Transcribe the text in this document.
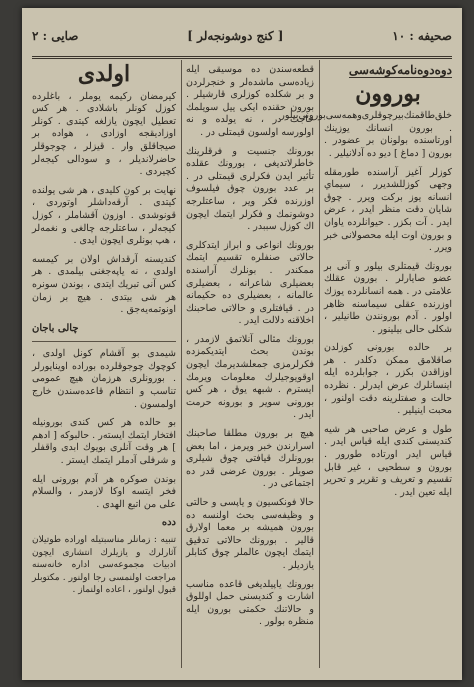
صحيفه : ١٠
[ كنج دوشونجه‌لر ]
صايى : ٢
دوه‌دوه‌نامه‌كوشه‌سى
بوروون

خلق‌طاقمنك‌بيرچوقلرى‌وهمه‌سى‌بورونى‌بيلور . بورون انسانك يوزينك اورتاسنده‌ بولونان بر عضودر . بورون [ دماغ ] ديو ده‌ آدلانيلير .

كوزلر آغيز آراسنده‌ طورمقله‌ وجهى كوزللشديرر ، سيماي انسانه يوز بركت ويرر . چوق شايان دقت منظر ايدر ، عرض ايدر . آت بكزر . حيوانلرده‌ ياوان و بورون اوت ايله‌ محصولانى خبر ويرر .

بورونك قيمتلرى بيلور و آنى بر عضو صايارلر . بورون عقلك علامتى در . همه انسانلرده‌ يوزك اوزرنده عقلى سيماسنه‌ ظاهر اولور . آدم بورونندن طانيلير ، شكلى حالى بيلينور .

بر حالده‌ بورونى كوزلدن صاقلامق ممكن دكلدر . هر اوزاقدن بكزر ، جوابلرده ايله اينسانلرك عرض ايدرلر . نظرده حالت و صفتلرينه دقت اولنور ، محبت اينيلير .

طول و عرض صاحبى هر شيه كنديسنى كندى ايله قياس ايدر . قياس ايدر اورتاده طورور . بورون و سطحيى ، غير قابل تقسيم و تعريف و تقرير و تحرير ايله تعين ايدر .

قطعه‌سندن ده موسيقى ايله زياده‌سى ماشده‌لر و خنجرلردن و بر شكلده كوزلرى قارشيلر . بورون حقنده‌ ايكى ييل سويلمك حاجت در ، نه‌ يولده‌ و نه‌ اولورسه اولسون قيمتلى در .

بورونك جنسيت و فرقلرينك خاطرلاتديغى ، بورونك عقلده‌ تأثير ايدن فكرلرى قيمتلى در . بر عدد بورون چوق فيلسوف اوزرنده‌ فكر وير ، ساعتلرجه‌ دوشونمك و فكرلر ايتمك ايچون اك كوزل سببدر .

بورونك انواعى و ابراز ايتدكلرى حالاتى صنفلره تقسيم ايتمك ممكندر . بونلرك آراسنده‌ بعضيلرى شاعرانه ، بعضيلرى عالمانه ، بعضيلرى ده حكيمانه‌ در . قيافتلرى و حالاتى صاحبنك اخلاقنه‌ دلالت ايدر .

بورونك مثالى آنلاتمق لازمدر ، بوندن بحث ايتديكمزده‌ فكرلرمزى جمعلشديرمك ايچون اوقويوجيلرك معلومات ويرمك ايسترم . شبهه‌ يوق ، هر كس بورونى سوير و بورونه حرمت ايدر .

هيچ بر بورون مطلقا صاحبنك اسرارندن خبر ويرمز ، اما بعض بورونلرك قيافتى چوق شيلرى صويلر . بورون عرضى قدر ده اجتماعى در .

حالا فونكسيون و ياپسى و حالتى و وظيفه‌سى بحث اولنسه ده‌ بورون هميشه بر معما اولارق قالير . بورونك حالاتى تدقيق ايتمك ايچون عالملر چوق كتابلر يازديلر .

بورونك ياپيلديغى قاعده مناسب اشارت و كنديسنى حمل اوللوق و حالاتنك حكمتى بورون ايله‌ منظره بولور .

اولدى

كيرمضان ركيمه‌ يوملر ، باغلرده‌ كوزل كونلر باشلادى . هر كس تعطيل ايچون يازلغه كيتدى . كونلر اوزاديقجه‌ اوزادى ، هواده‌ بر صيجاقلق وار . قيزلر ، چوجوقلر حاضرلانديلر ، و سودالى كيجه‌لر كچيردى .

نهايت بر كون كليدى ، هر شى يولنده‌ كيتدى . آرقه‌داشلر اوتوردى ، قونوشدى . اوزون آقشاملر ، كوزل كيجه‌لر ، ساعتلرجه‌ چالغى و نغمه‌لر ، هپ بونلرى ايچون ايدى .

كنديسنه‌ آرقداش اولان بر كيمسه‌ اولدى ، نه ياپه‌جغنى بيلمدى . هر كس آنى تبريك ايتدى ، بوندن سونره‌ هر شى بيتدى . هيچ بر زمان اونوتمه‌يه‌جق .

چالى باجان

شيمدى بو آقشام كونل اولدى ، كوچوك چوجوقلرده‌ بوراده اوينايورلر . بورونلرى هرزمان هيچ عمومى تناسب و انتظام قاعده‌سندن خارج اولمسون .

بو حالده‌ هر كس كندى بورونيله‌ افتخار ايتمك ايسته‌ر . حالبوكه‌ [ ادهم ] هر وقت آنلرى بويوك ابدى واقفلر و شرفلى آدملر ايتمك ايستر .

بوندن صوكره‌ هر آدم بورونى ايله‌ فخر ايتسه‌ اوكا لازمدر ، والسلام على من اتبع الهدى .

دده

تنبيه : زمانلر مناسبتيله‌ اوراده‌ طوتيلان آثارلرك و يازيلرك انتشارى ايچون ادبيات مجموعه‌سى اداره‌ خانه‌سنه‌ مراجعت اولنمسى رجا اولنور . مكتوبلر قبول اولنور ، اعاده‌ اولنماز .
